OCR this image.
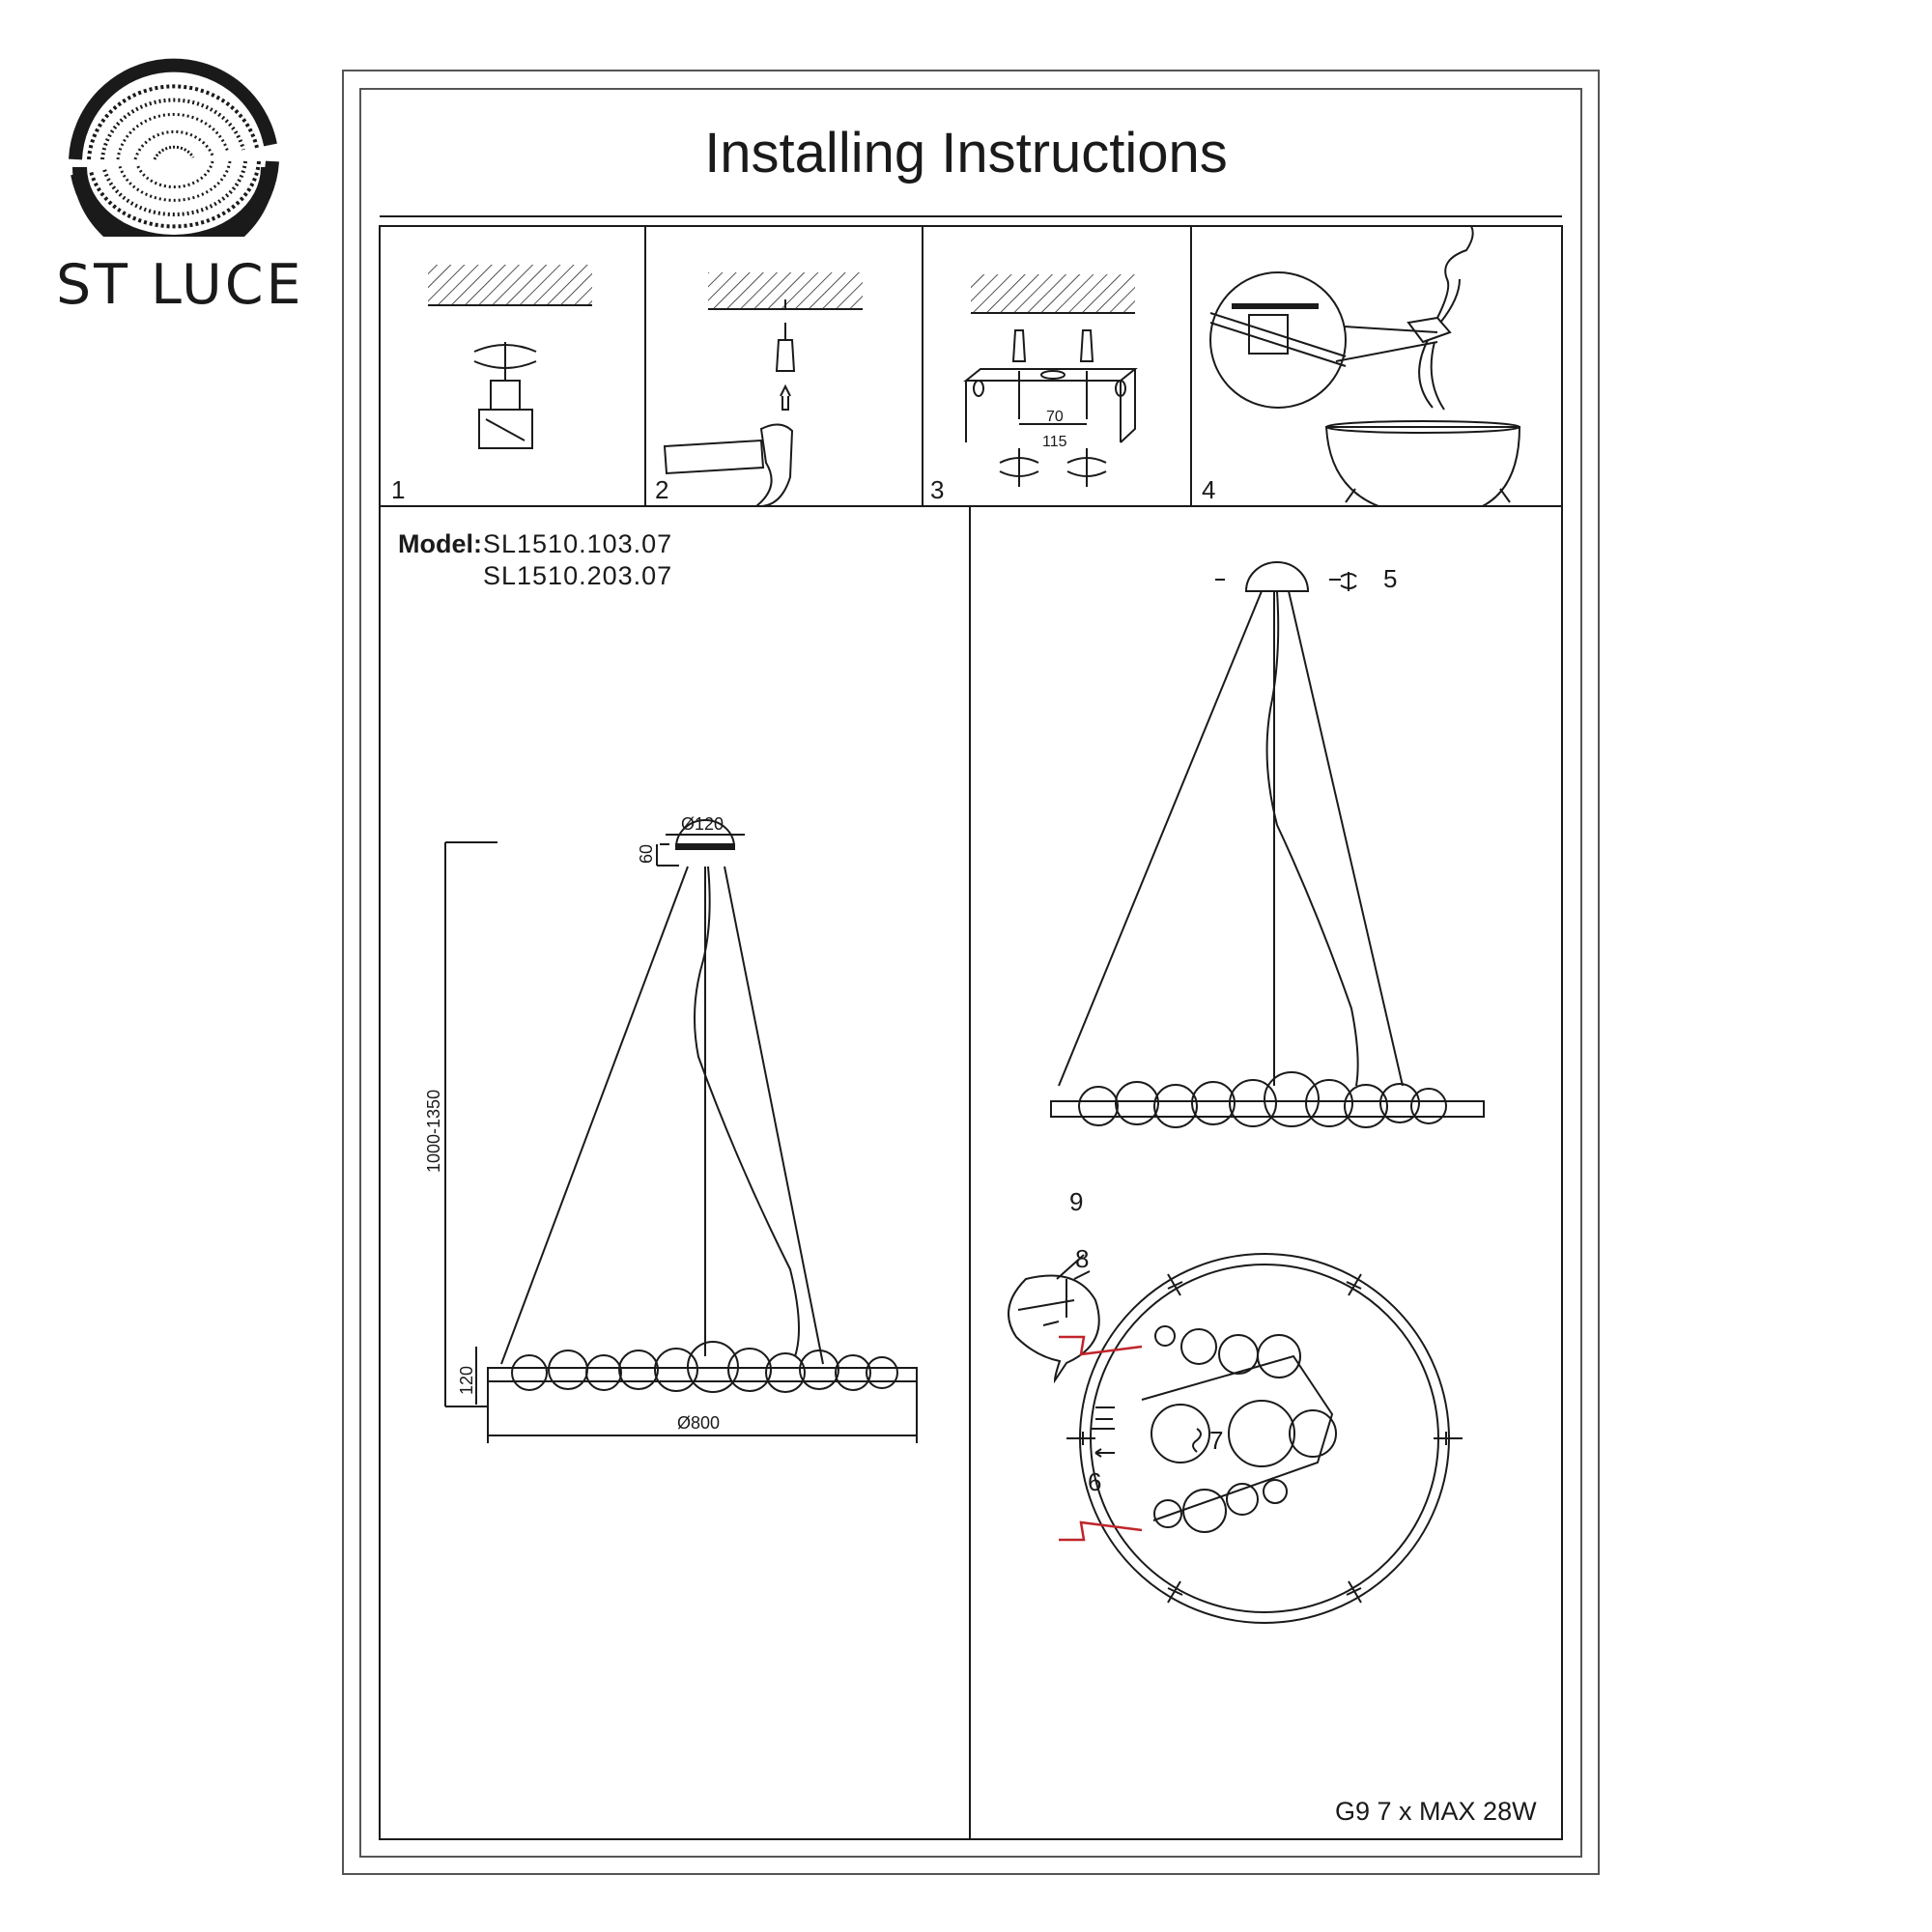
ST LUCE
Installing Instructions
1	2	3	4
70
115
Model: SL1510.103.07
SL1510.203.07
Ø120
60
1000-1350
120
Ø800
5
6
7
8
9
G9 7 x MAX 28W
